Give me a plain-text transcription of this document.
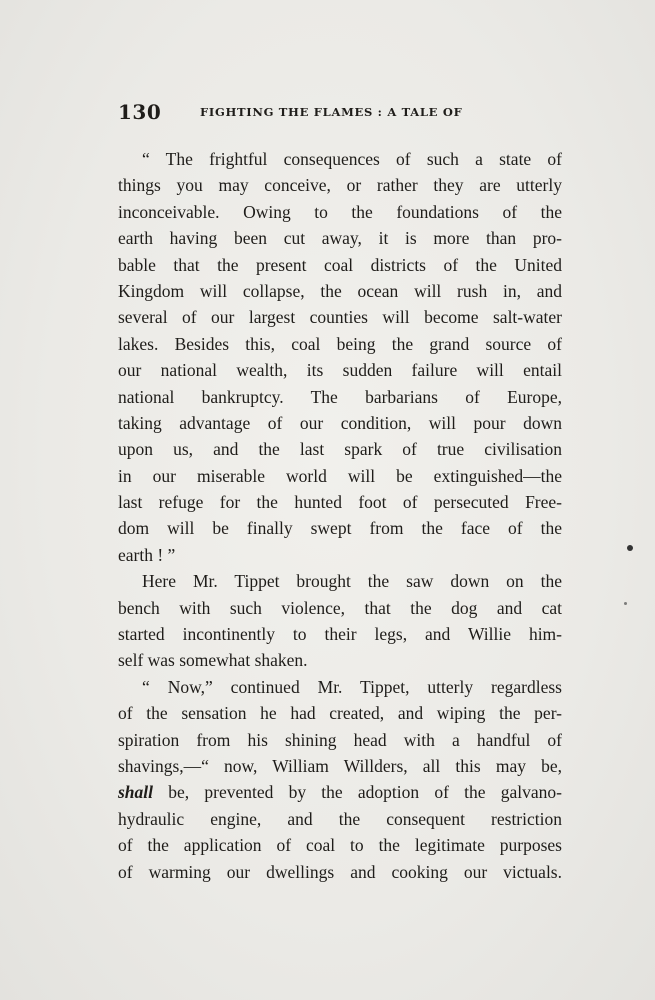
130	FIGHTING THE FLAMES : A TALE OF
“ The frightful consequences of such a state of
things you may conceive, or rather they are utterly
inconceivable. Owing to the foundations of the
earth having been cut away, it is more than pro-
bable that the present coal districts of the United
Kingdom will collapse, the ocean will rush in, and
several of our largest counties will become salt-water
lakes. Besides this, coal being the grand source of
our national wealth, its sudden failure will entail
national bankruptcy. The barbarians of Europe,
taking advantage of our condition, will pour down
upon us, and the last spark of true civilisation
in our miserable world will be extinguished—the
last refuge for the hunted foot of persecuted Free-
dom will be finally swept from the face of the
earth ! ”
Here Mr. Tippet brought the saw down on the
bench with such violence, that the dog and cat
started incontinently to their legs, and Willie him-
self was somewhat shaken.
“ Now,” continued Mr. Tippet, utterly regardless
of the sensation he had created, and wiping the per-
spiration from his shining head with a handful of
shavings,—“ now, William Willders, all this may be,
shall be, prevented by the adoption of the galvano-
hydraulic engine, and the consequent restriction
of the application of coal to the legitimate purposes
of warming our dwellings and cooking our victuals.
